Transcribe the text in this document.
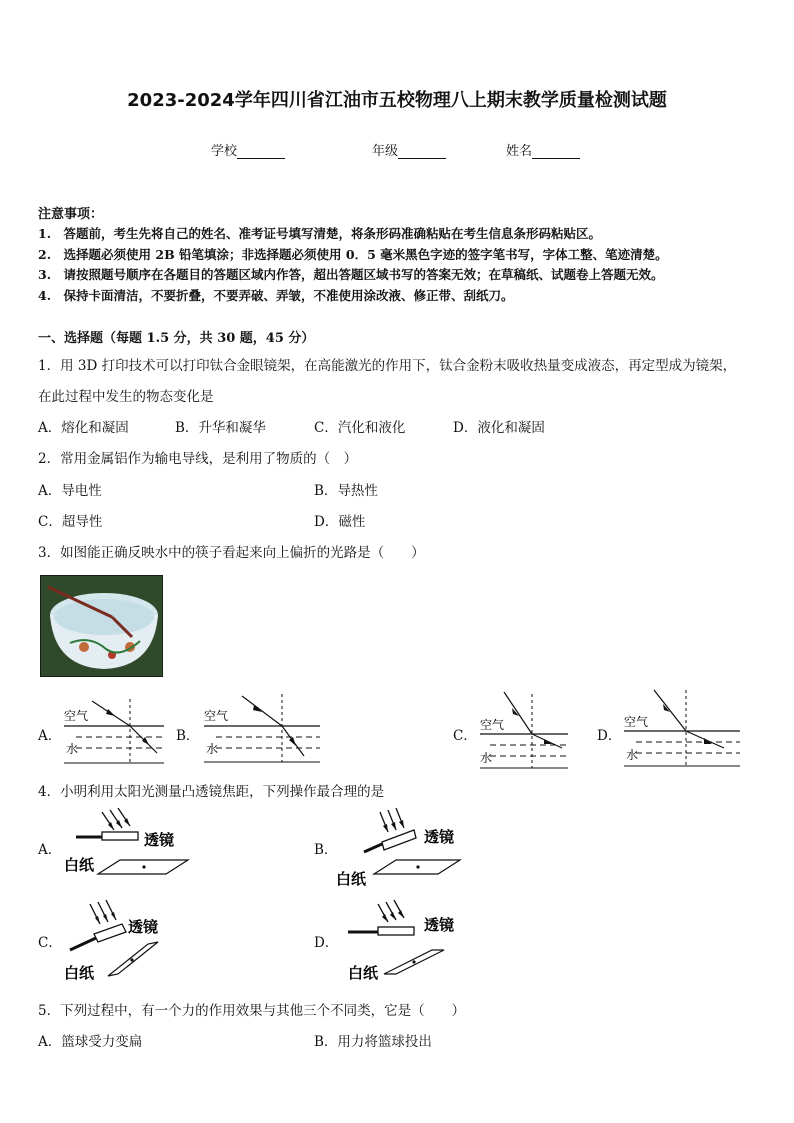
2023-2024学年四川省江油市五校物理八上期末教学质量检测试题
学校	年级	姓名
注意事项：
1.　答题前，考生先将自己的姓名、准考证号填写清楚，将条形码准确粘贴在考生信息条形码粘贴区。
2.　选择题必须使用 2B 铅笔填涂；非选择题必须使用 0．5 毫米黑色字迹的签字笔书写，字体工整、笔迹清楚。
3.　请按照题号顺序在各题目的答题区域内作答，超出答题区域书写的答案无效；在草稿纸、试题卷上答题无效。
4.　保持卡面清洁，不要折叠，不要弄破、弄皱，不准使用涂改液、修正带、刮纸刀。
一、选择题（每题 1.5 分，共 30 题，45 分）
1．用 3D 打印技术可以打印钛合金眼镜架，在高能激光的作用下，钛合金粉末吸收热量变成液态，再定型成为镜架，
在此过程中发生的物态变化是
A．熔化和凝固	B．升华和凝华	C．汽化和液化	D．液化和凝固
2．常用金属铝作为输电导线，是利用了物质的（　）
A．导电性	B．导热性
C．超导性	D．磁性
3．如图能正确反映水中的筷子看起来向上偏折的光路是（　　）
A．	B．	C．	D．
空气
水
空气
水
空气
水
空气
水
4．小明利用太阳光测量凸透镜焦距，下列操作最合理的是
A．	B．
C．	D．
透镜
白纸
透镜
白纸
透镜
白纸
透镜
白纸
5．下列过程中，有一个力的作用效果与其他三个不同类，它是（　　）
A．篮球受力变扁	B．用力将篮球投出
